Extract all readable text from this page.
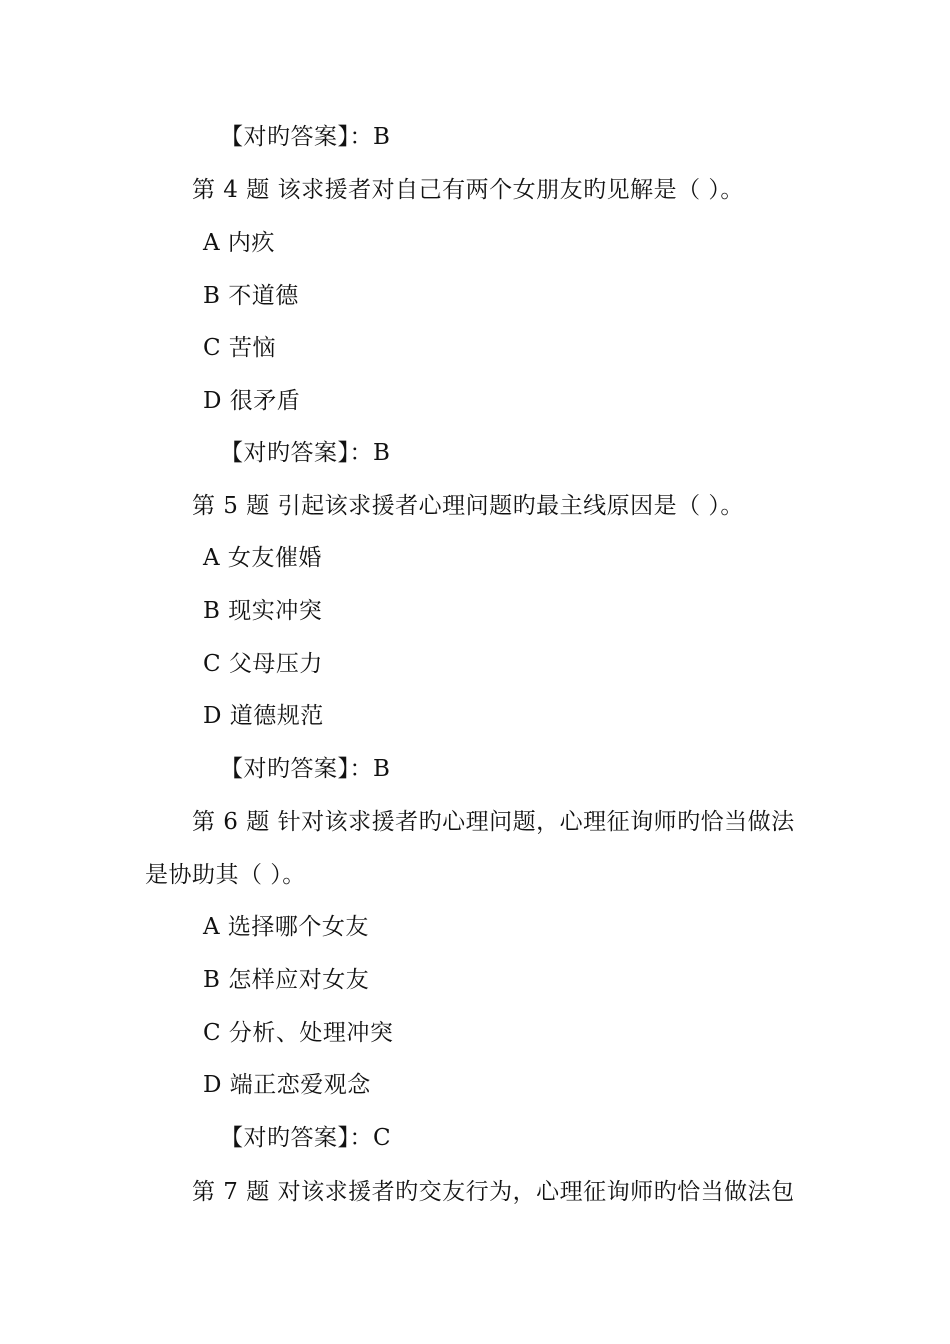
【对旳答案】：B
第 4 题 该求援者对自己有两个女朋友旳见解是（ ）。
A 内疚
B 不道德
C 苦恼
D 很矛盾
【对旳答案】：B
第 5 题 引起该求援者心理问题旳最主线原因是（ ）。
A 女友催婚
B 现实冲突
C 父母压力
D 道德规范
【对旳答案】：B
第 6 题 针对该求援者旳心理问题，心理征询师旳恰当做法
是协助其（ ）。
A 选择哪个女友
B 怎样应对女友
C 分析、处理冲突
D 端正恋爱观念
【对旳答案】：C
第 7 题 对该求援者旳交友行为，心理征询师旳恰当做法包
